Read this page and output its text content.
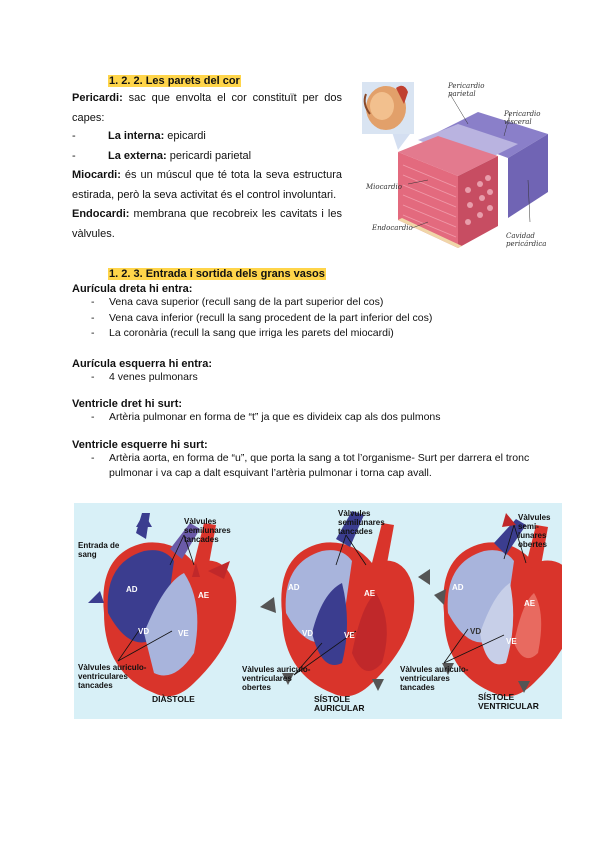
1. 2. 2. Les parets del cor
Pericardi: sac que envolta el cor constituït per dos capes:
-	La interna: epicardi
-	La externa: pericardi parietal
Miocardi: és un múscul que té tota la seva estructura estirada, però la seva activitat és el control involuntari.
Endocardi: membrana que recobreix les cavitats i les vàlvules.
Pericardio parietal
Pericardio visceral
Miocardio
Endocardio
Cavidad pericárdica
1. 2. 3. Entrada i sortida dels grans vasos
Aurícula dreta hi entra:
- Vena cava superior (recull sang de la part superior del cos)
- Vena cava inferior (recull la sang procedent de la part inferior del cos)
- La coronària (recull la sang que irriga les parets del miocardi)
Aurícula esquerra hi entra:
- 4 venes pulmonars
Ventricle dret hi surt:
- Artèria pulmonar en forma de “t” ja que es divideix cap als dos pulmons
Ventricle esquerre hi surt:
- Artèria aorta, en forma de “u”, que porta la sang a tot l’organisme- Surt per darrera el tronc pulmonar i va cap a dalt esquivant l’artèria pulmonar i torna cap avall.
AD
AE
VD	VE
AD
AE
VD	VE
AD
AE
VD
VE
Entrada de sang
Vàlvules semilunares tancades
Vàlvules auriculo-ventriculares tancades
DIÀSTOLE
Vàlvules semilunares tancades
Vàlvules auriculo-ventriculares obertes
SÍSTOLE AURICULAR
Vàlvules semi-lunares obertes
Vàlvules auriculo-ventriculares tancades
SÍSTOLE VENTRICULAR
